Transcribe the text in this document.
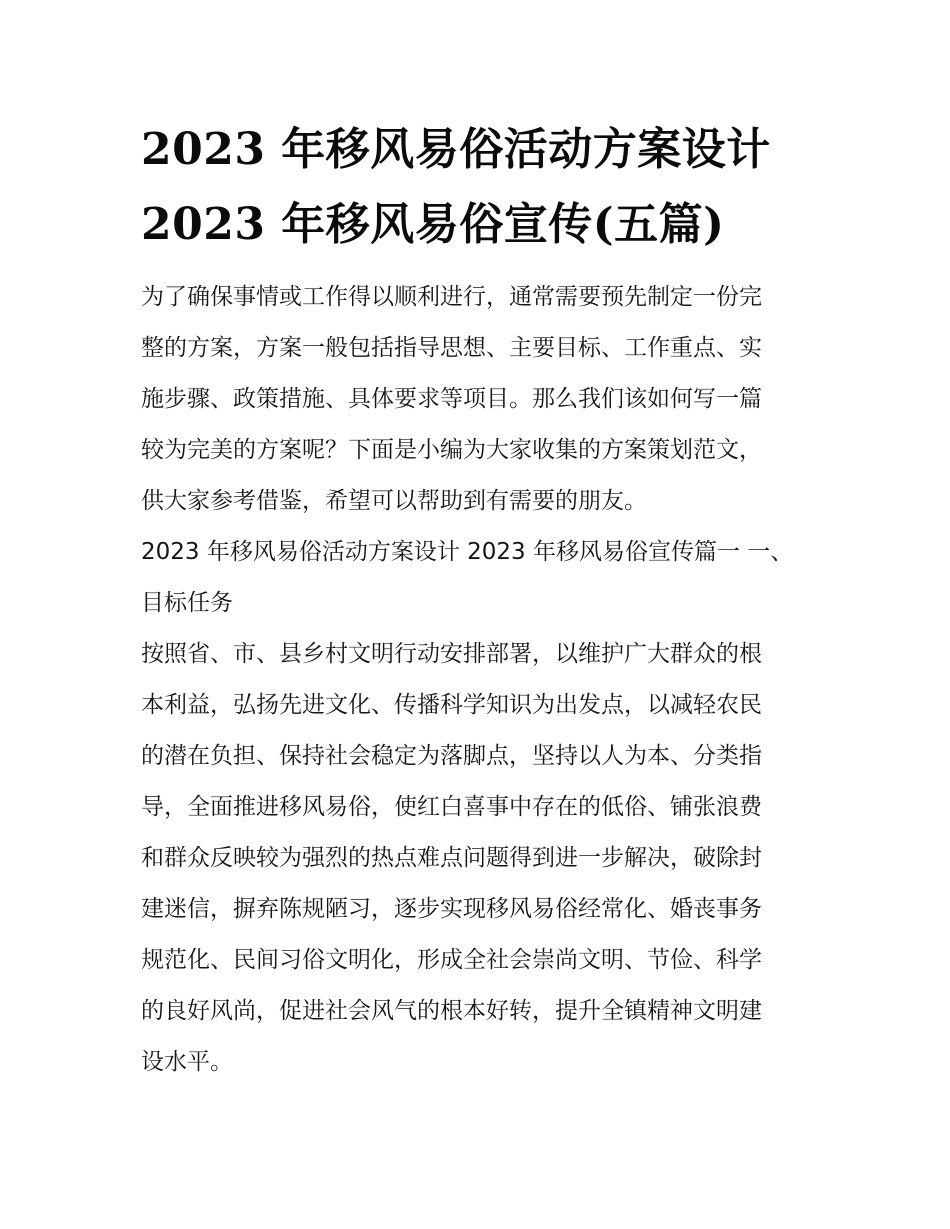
2023 年移风易俗活动方案设计
2023 年移风易俗宣传(五篇)

为了确保事情或工作得以顺利进行，通常需要预先制定一份完
整的方案，方案一般包括指导思想、主要目标、工作重点、实
施步骤、政策措施、具体要求等项目。那么我们该如何写一篇
较为完美的方案呢？下面是小编为大家收集的方案策划范文，
供大家参考借鉴，希望可以帮助到有需要的朋友。

2023 年移风易俗活动方案设计 2023 年移风易俗宣传篇一 一、
目标任务

按照省、市、县乡村文明行动安排部署，以维护广大群众的根
本利益，弘扬先进文化、传播科学知识为出发点，以减轻农民
的潜在负担、保持社会稳定为落脚点，坚持以人为本、分类指
导，全面推进移风易俗，使红白喜事中存在的低俗、铺张浪费
和群众反映较为强烈的热点难点问题得到进一步解决，破除封
建迷信，摒弃陈规陋习，逐步实现移风易俗经常化、婚丧事务
规范化、民间习俗文明化，形成全社会崇尚文明、节俭、科学
的良好风尚，促进社会风气的根本好转，提升全镇精神文明建
设水平。
